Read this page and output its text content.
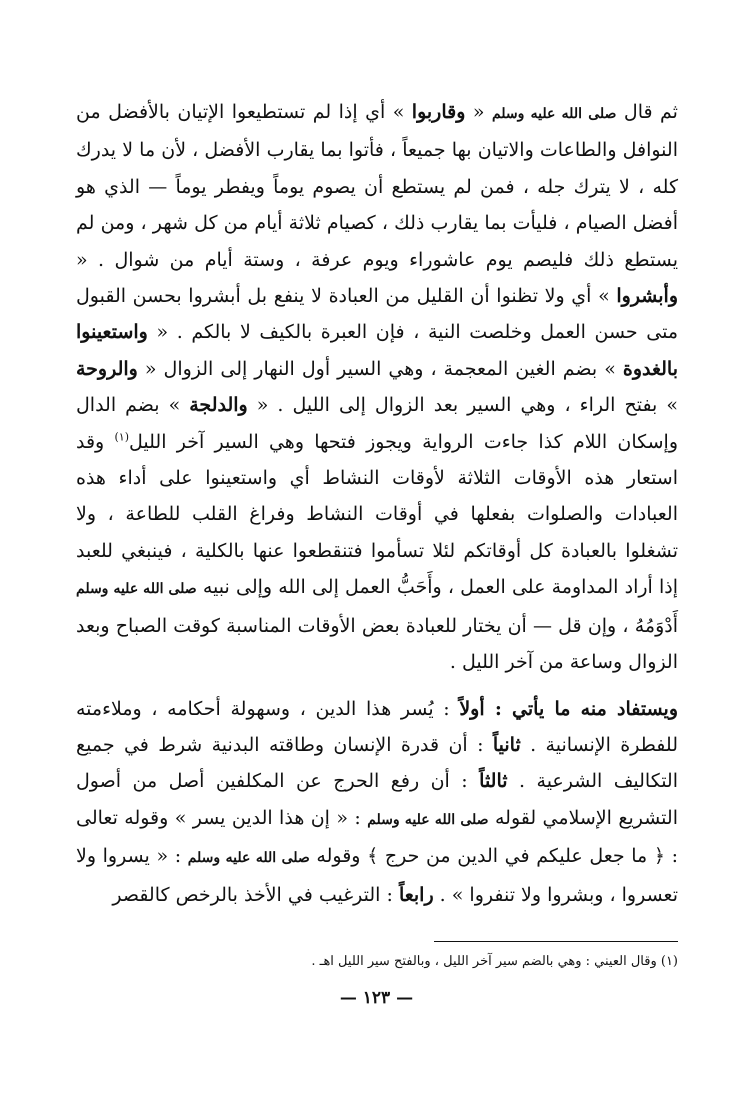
ثم قال صلى الله عليه وسلم « وقاربوا » أي إذا لم تستطيعوا الإتيان بالأفضل من النوافل والطاعات والاتيان بها جميعاً ، فأتوا بما يقارب الأفضل ، لأن ما لا يدرك كله ، لا يترك جله ، فمن لم يستطع أن يصوم يوماً ويفطر يوماً — الذي هو أفضل الصيام ، فليأت بما يقارب ذلك ، كصيام ثلاثة أيام من كل شهر ، ومن لم يستطع ذلك فليصم يوم عاشوراء ويوم عرفة ، وستة أيام من شوال . « وأبشروا » أي ولا تظنوا أن القليل من العبادة لا ينفع بل أبشروا بحسن القبول متى حسن العمل وخلصت النية ، فإن العبرة بالكيف لا بالكم . « واستعينوا بالغدوة » بضم الغين المعجمة ، وهي السير أول النهار إلى الزوال « والروحة » بفتح الراء ، وهي السير بعد الزوال إلى الليل . « والدلجة » بضم الدال وإسكان اللام كذا جاءت الرواية ويجوز فتحها وهي السير آخر الليل$^{(١)}$ وقد استعار هذه الأوقات الثلاثة لأوقات النشاط أي واستعينوا على أداء هذه العبادات والصلوات بفعلها في أوقات النشاط وفراغ القلب للطاعة ، ولا تشغلوا بالعبادة كل أوقاتكم لئلا تسأموا فتنقطعوا عنها بالكلية ، فينبغي للعبد إذا أراد المداومة على العمل ، وأَحَبُّ العمل إلى الله وإلى نبيه صلى الله عليه وسلم أَدْوَمُهُ ، وإن قل — أن يختار للعبادة بعض الأوقات المناسبة كوقت الصباح وبعد الزوال وساعة من آخر الليل .

ويستفاد منه ما يأتي : أولاً : يُسر هذا الدين ، وسهولة أحكامه ، وملاءمته للفطرة الإنسانية . ثانياً : أن قدرة الإنسان وطاقته البدنية شرط في جميع التكاليف الشرعية . ثالثاً : أن رفع الحرج عن المكلفين أصل من أصول التشريع الإسلامي لقوله صلى الله عليه وسلم : « إن هذا الدين يسر » وقوله تعالى : ﴿ ما جعل عليكم في الدين من حرج ﴾ وقوله صلى الله عليه وسلم : « يسروا ولا تعسروا ، وبشروا ولا تنفروا » . رابعاً : الترغيب في الأخذ بالرخص كالقصر

(١) وقال العيني : وهي بالضم سير آخر الليل ، وبالفتح سير الليل اهـ .
— ١٢٣ —
